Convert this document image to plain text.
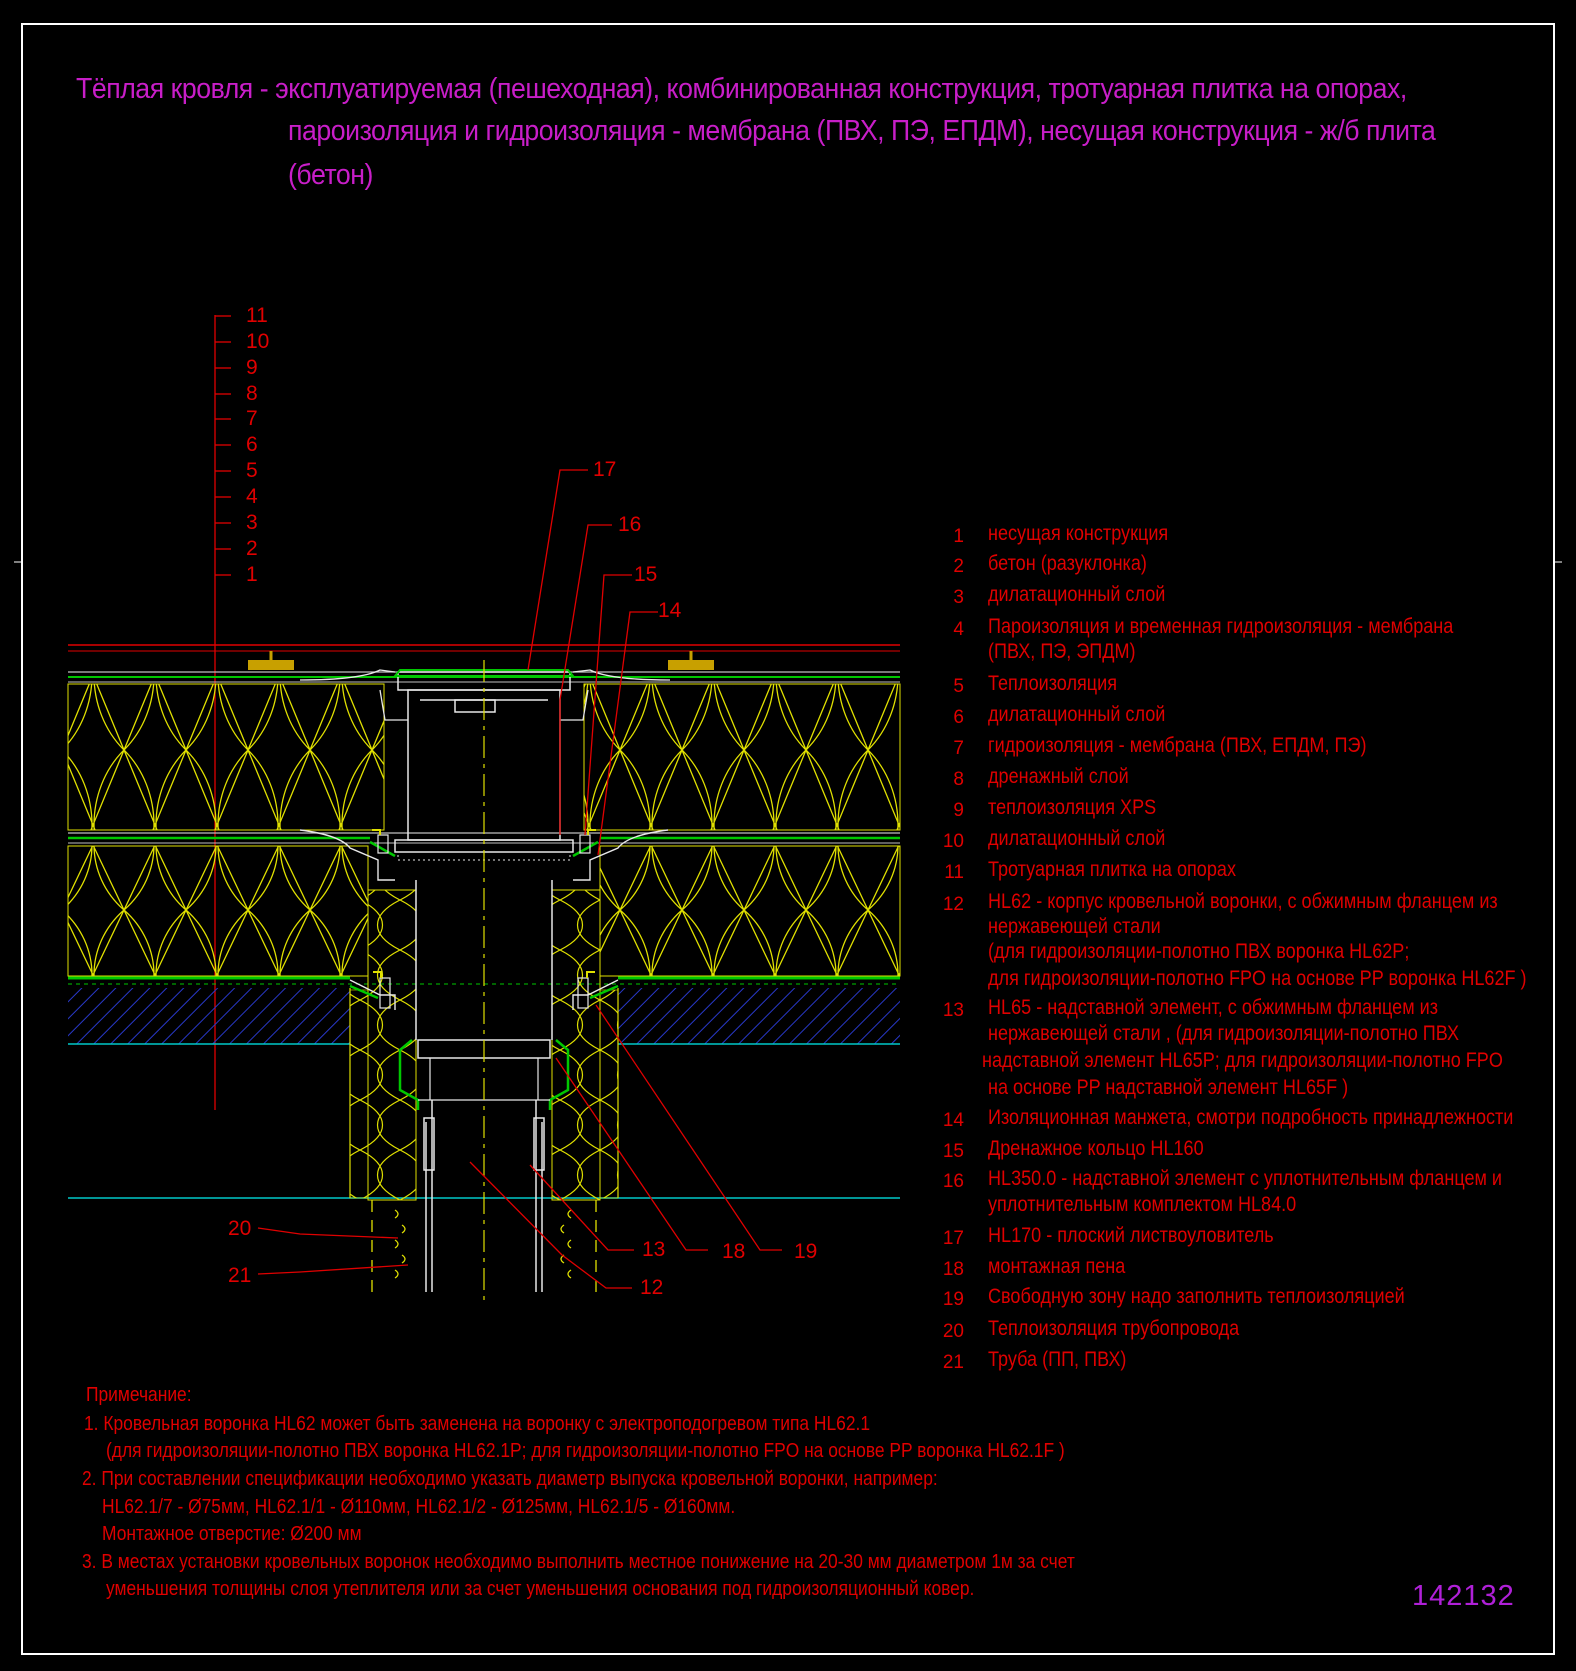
Тёплая кровля - эксплуатируемая (пешеходная), комбинированная конструкция, тротуарная плитка на опорах,
пароизоляция и гидроизоляция - мембрана (ПВХ, ПЭ, ЕПДМ), несущая конструкция - ж/б плита
(бетон)
11
10
9
8
7
6
5
4
3
2
1
17
16
15
14
20
21
13	18 19
12
1 несущая конструкция
2 бетон (разуклонка)
3 дилатационный слой
4 Пароизоляция и временная гидроизоляция - мембрана
(ПВХ, ПЭ, ЭПДМ)
5 Теплоизоляция
6 дилатационный слой
7 гидроизоляция - мембрана (ПВХ, ЕПДМ, ПЭ)
8 дренажный слой
9 теплоизоляция XPS
10 дилатационный слой
11 Тротуарная плитка на опорах
12 HL62 - корпус кровельной воронки, с обжимным фланцем из
нержавеющей стали
(для гидроизоляции-полотно ПВХ воронка HL62P;
для гидроизоляции-полотно FPO на основе PP воронка HL62F )
13 HL65 - надставной элемент, с обжимным фланцем из
нержавеющей стали , (для гидроизоляции-полотно ПВХ
надставной элемент HL65P; для гидроизоляции-полотно FPO
на основе PP надставной элемент HL65F )
14 Изоляционная манжета, смотри подробность принадлежности
15 Дренажное кольцо HL160
16 HL350.0 - надставной элемент с уплотнительным фланцем и
уплотнительным комплектом HL84.0
17 HL170 - плоский листвоуловитель
18 монтажная пена
19 Свободную зону надо заполнить теплоизоляцией
20 Теплоизоляция трубопровода
21 Труба (ПП, ПВХ)
Примечание:
1. Кровельная воронка HL62 может быть заменена на воронку с электроподогревом типа HL62.1
(для гидроизоляции-полотно ПВХ воронка HL62.1P; для гидроизоляции-полотно FPO на основе PP воронка HL62.1F )
2. При составлении спецификации необходимо указать диаметр выпуска кровельной воронки, например:
HL62.1/7 - Ø75мм, HL62.1/1 - Ø110мм, HL62.1/2 - Ø125мм, HL62.1/5 - Ø160мм.
Монтажное отверстие: Ø200 мм
3. В местах установки кровельных воронок необходимо выполнить местное понижение на 20-30 мм диаметром 1м за счет
уменьшения толщины слоя утеплителя или за счет уменьшения основания под гидроизоляционный ковер.	142132
